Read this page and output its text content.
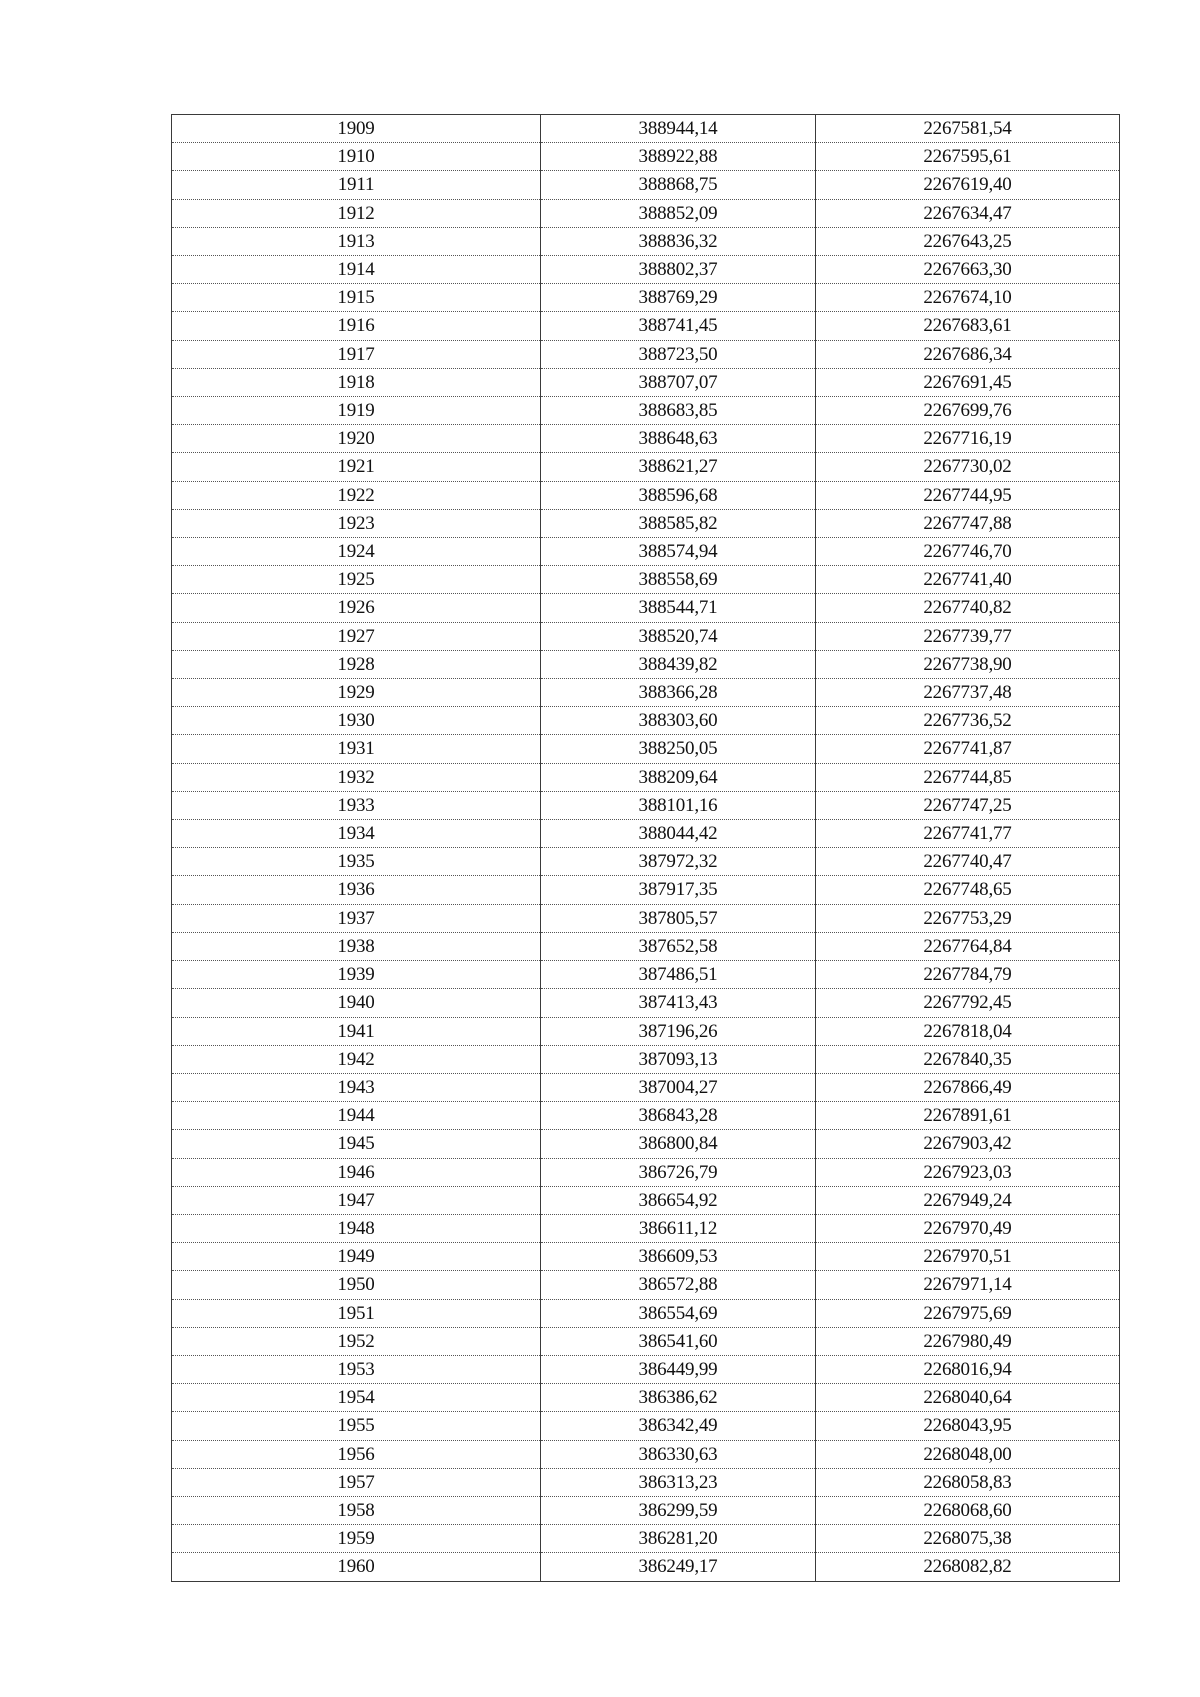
1909	388944,14	2267581,54
1910	388922,88	2267595,61
1911	388868,75	2267619,40
1912	388852,09	2267634,47
1913	388836,32	2267643,25
1914	388802,37	2267663,30
1915	388769,29	2267674,10
1916	388741,45	2267683,61
1917	388723,50	2267686,34
1918	388707,07	2267691,45
1919	388683,85	2267699,76
1920	388648,63	2267716,19
1921	388621,27	2267730,02
1922	388596,68	2267744,95
1923	388585,82	2267747,88
1924	388574,94	2267746,70
1925	388558,69	2267741,40
1926	388544,71	2267740,82
1927	388520,74	2267739,77
1928	388439,82	2267738,90
1929	388366,28	2267737,48
1930	388303,60	2267736,52
1931	388250,05	2267741,87
1932	388209,64	2267744,85
1933	388101,16	2267747,25
1934	388044,42	2267741,77
1935	387972,32	2267740,47
1936	387917,35	2267748,65
1937	387805,57	2267753,29
1938	387652,58	2267764,84
1939	387486,51	2267784,79
1940	387413,43	2267792,45
1941	387196,26	2267818,04
1942	387093,13	2267840,35
1943	387004,27	2267866,49
1944	386843,28	2267891,61
1945	386800,84	2267903,42
1946	386726,79	2267923,03
1947	386654,92	2267949,24
1948	386611,12	2267970,49
1949	386609,53	2267970,51
1950	386572,88	2267971,14
1951	386554,69	2267975,69
1952	386541,60	2267980,49
1953	386449,99	2268016,94
1954	386386,62	2268040,64
1955	386342,49	2268043,95
1956	386330,63	2268048,00
1957	386313,23	2268058,83
1958	386299,59	2268068,60
1959	386281,20	2268075,38
1960	386249,17	2268082,82
